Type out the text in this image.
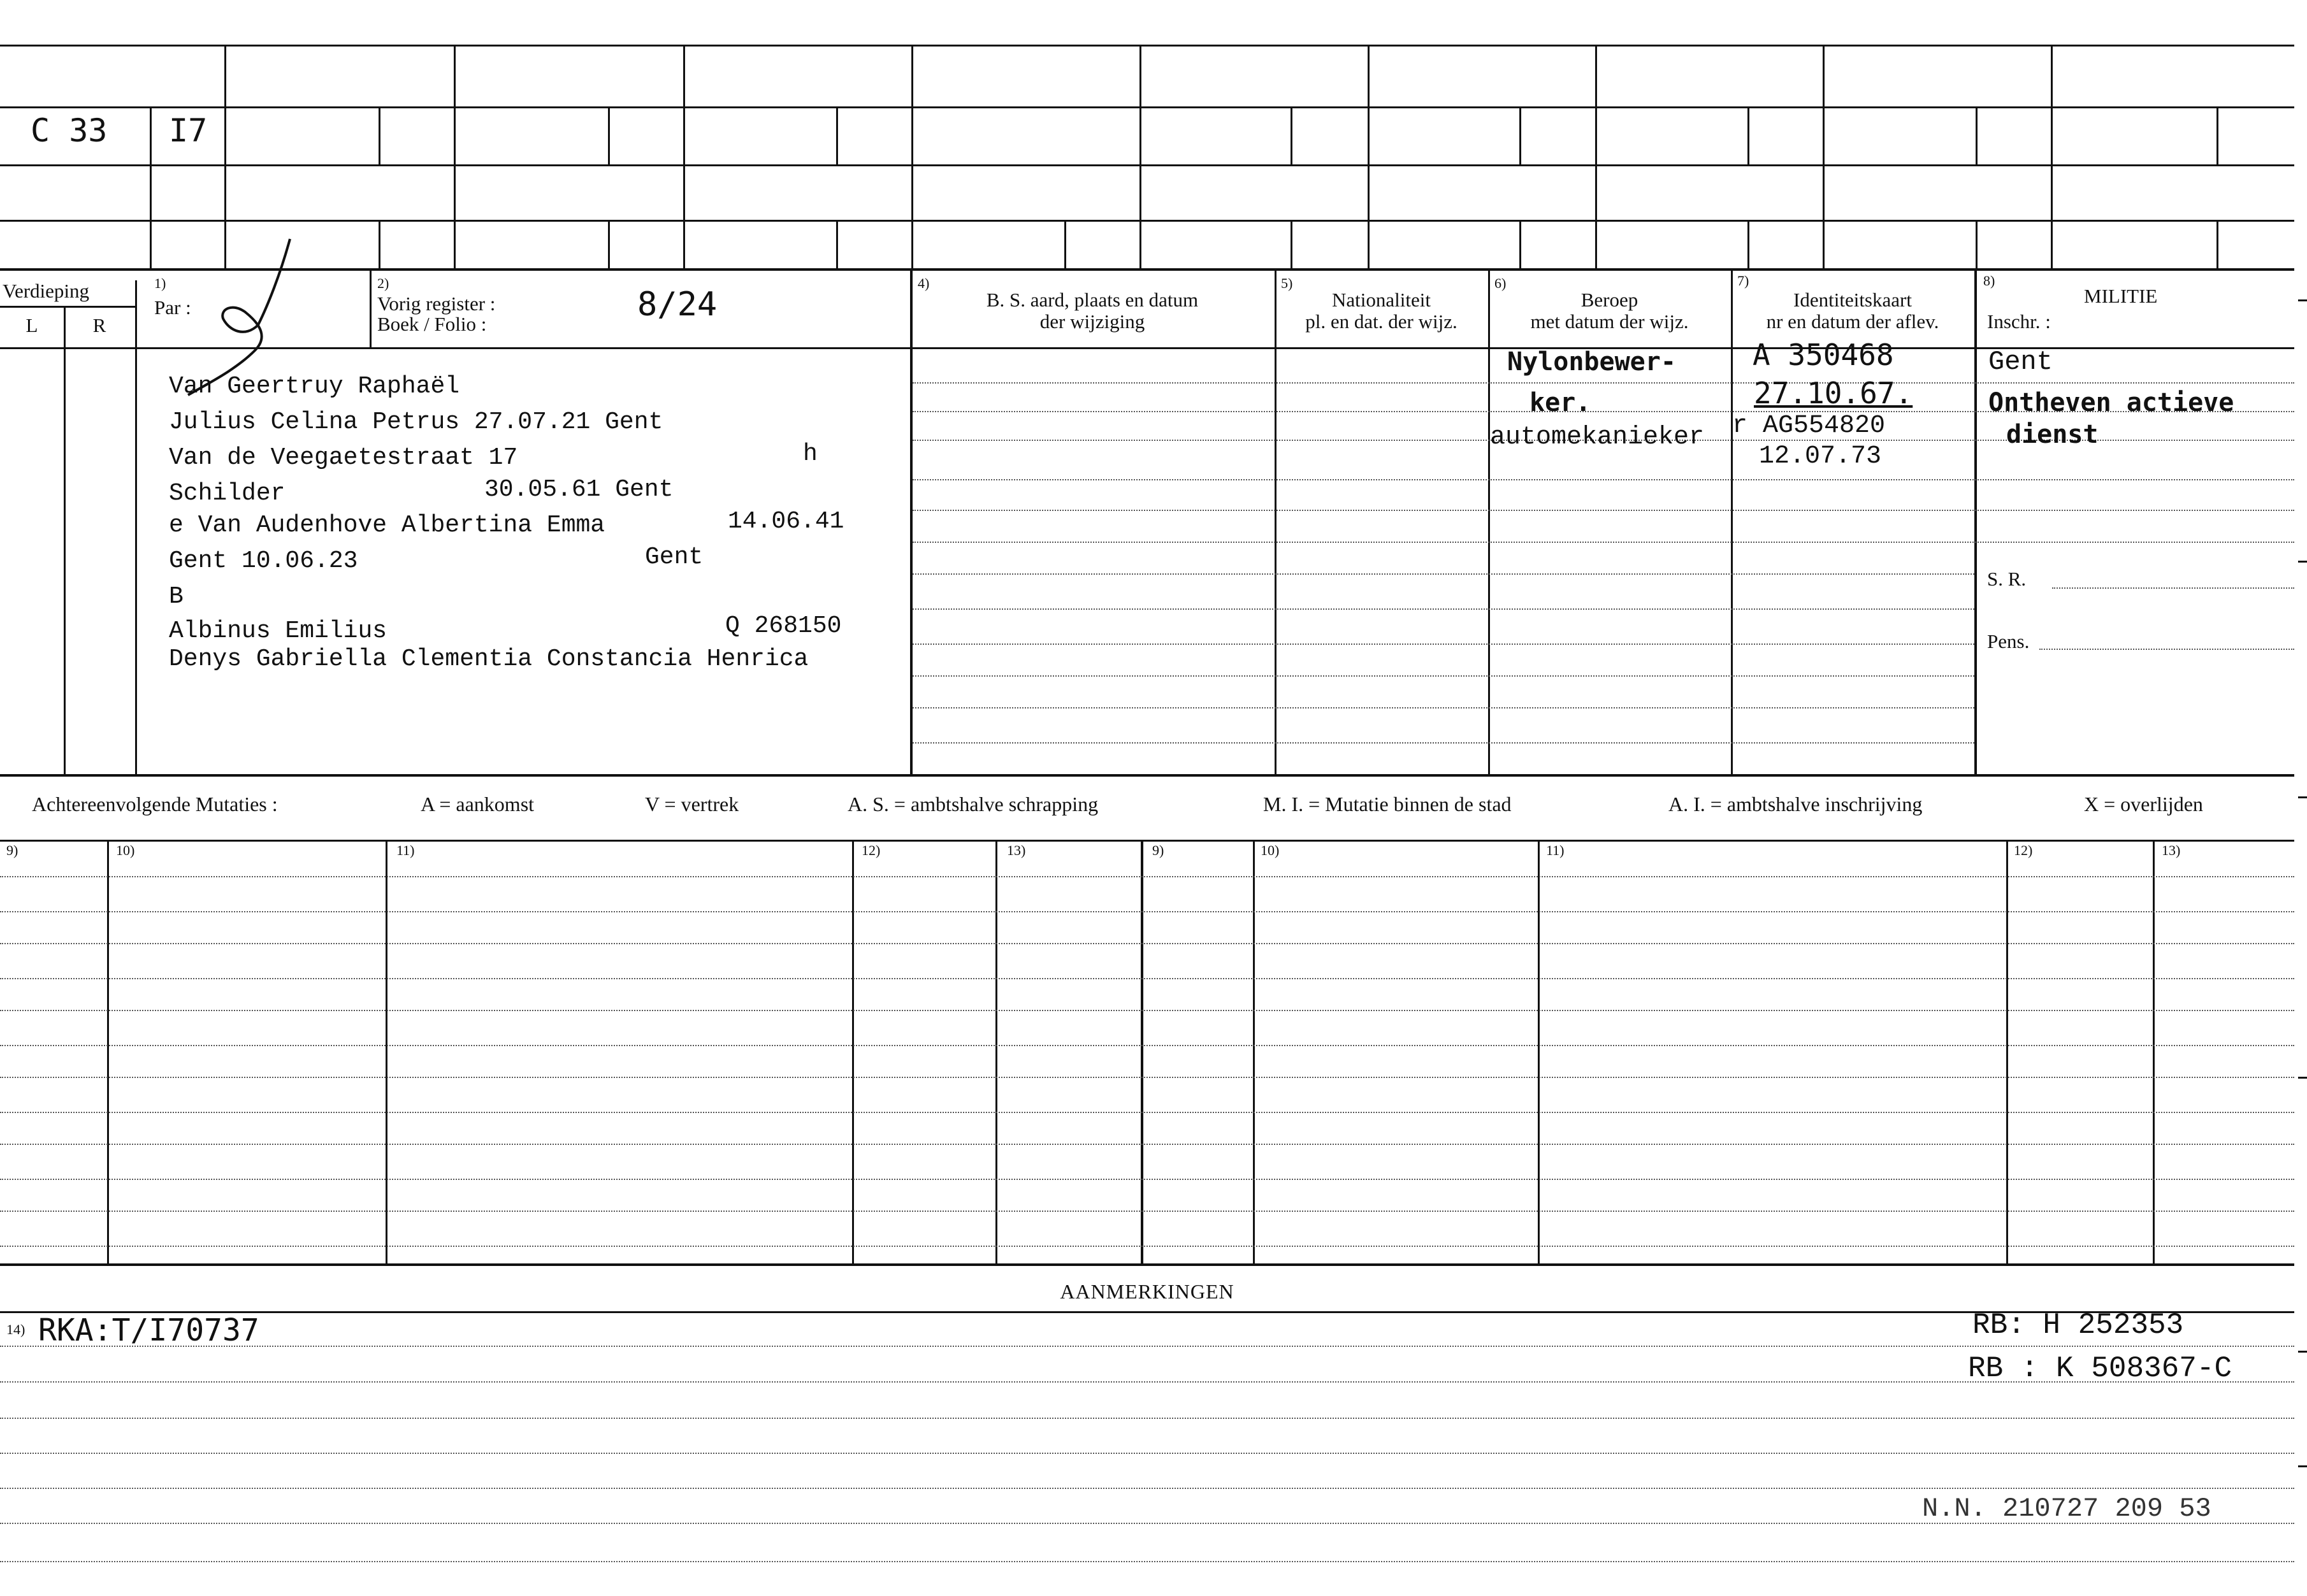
C 33 I7
Verdieping
L	R
1)
Par :
2)
Vorig register :
Boek / Folio :
8/24
4)
B. S. aard, plaats en datum
der wijziging
5)
Nationaliteit
pl. en dat. der wijz.
6)
Beroep
met datum der wijz.
7)
Identiteitskaart
nr en datum der aflev.
8)
MILITIE
Inschr. :
Van Geertruy Raphaël
Julius Celina Petrus 27.07.21 Gent
Van de Veegaetestraat 17	h
Schilder	30.05.61 Gent
e Van Audenhove Albertina Emma	14.06.41
Gent 10.06.23	Gent
B
Albinus Emilius	Q 268150
Denys Gabriella Clementia Constancia Henrica
Nylonbewer-
ker.
automekanieker
A 350468
27.10.67.
r AG554820
12.07.73
Gent
Ontheven actieve
dienst
S. R.
Pens.
Achtereenvolgende Mutaties :	A = aankomst	V = vertrek	A. S. = ambtshalve schrapping	M. I. = Mutatie binnen de stad	A. I. = ambtshalve inschrijving	X = overlijden
9)	10)	11)	12)	13)	9)	10)	11)	12)	13)
AANMERKINGEN
14) RKA:T/I70737	RB: H 252353
RB : K 508367-C
N.N. 210727 209 53
